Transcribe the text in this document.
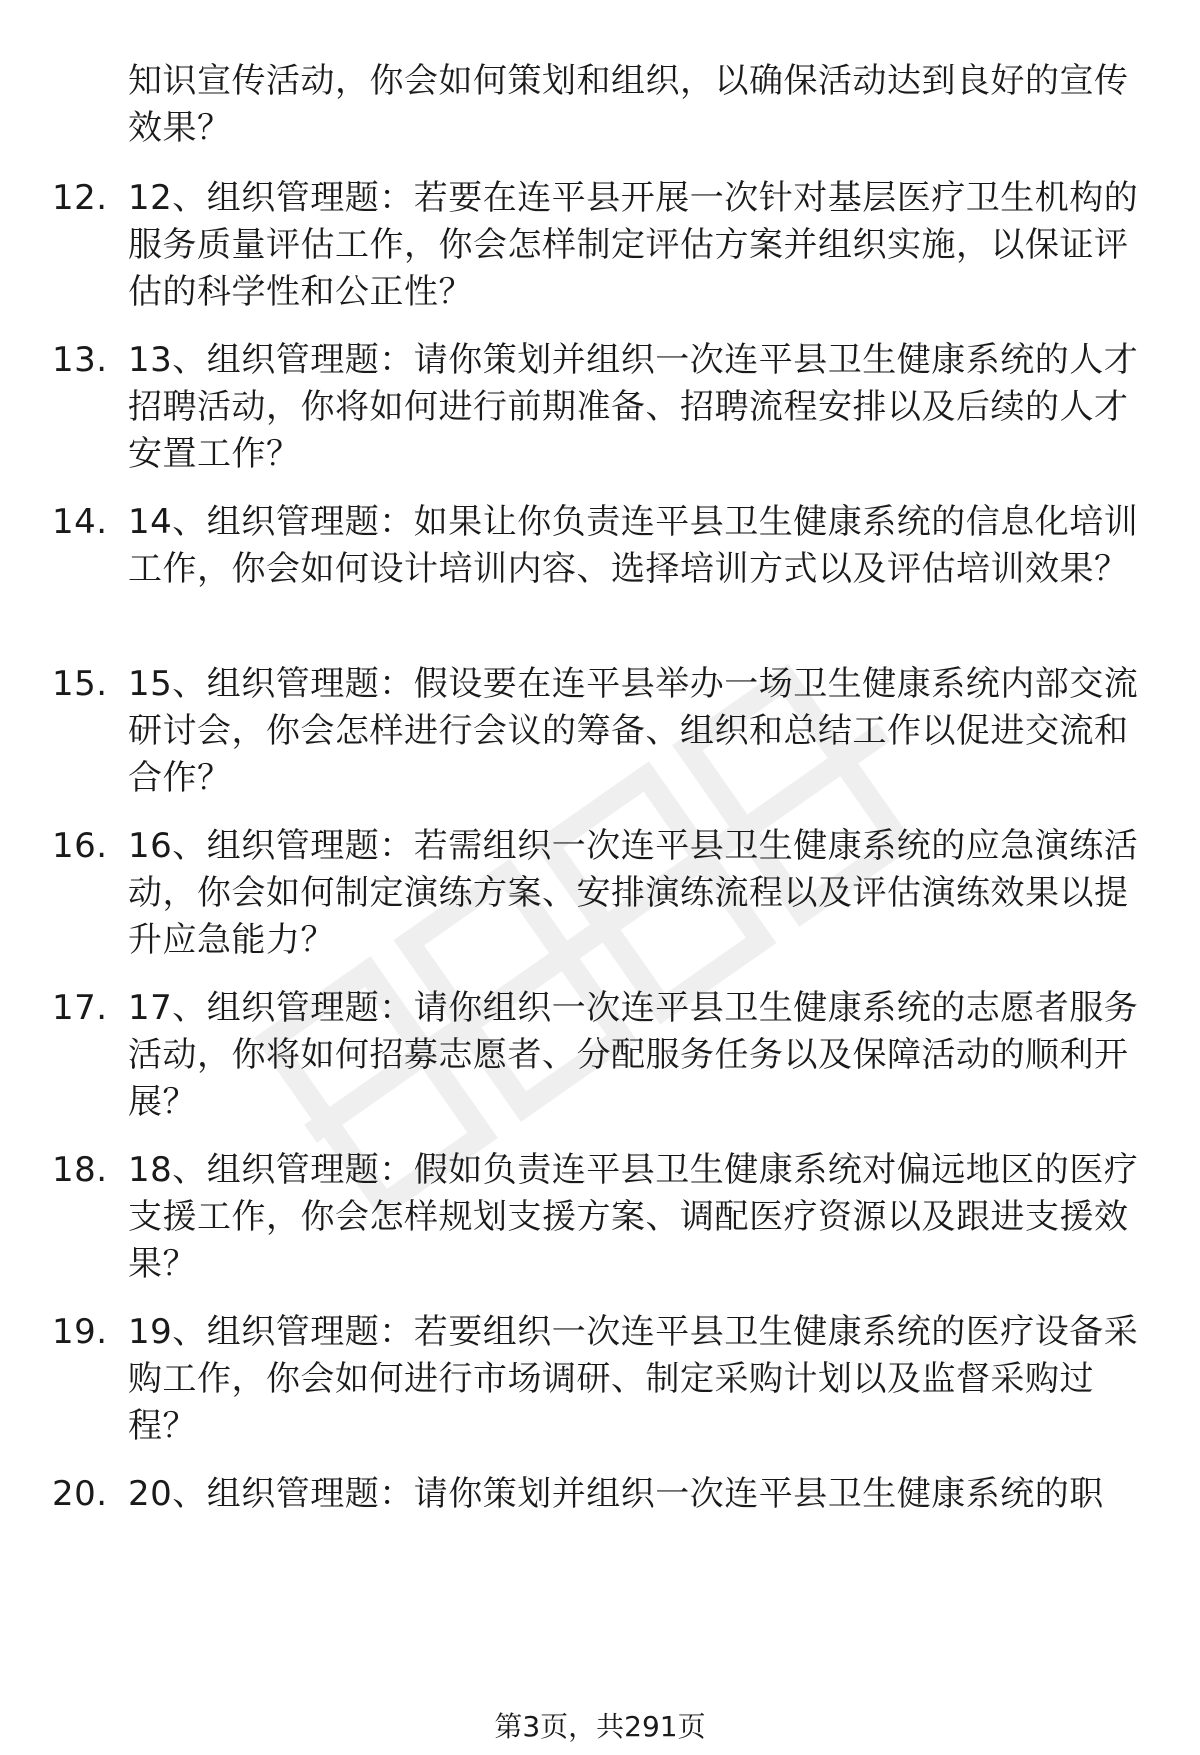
知识宣传活动，你会如何策划和组织，以确保活动达到良好的宣传效果？
12. 12、组织管理题：若要在连平县开展一次针对基层医疗卫生机构的服务质量评估工作，你会怎样制定评估方案并组织实施，以保证评估的科学性和公正性？
13. 13、组织管理题：请你策划并组织一次连平县卫生健康系统的人才招聘活动，你将如何进行前期准备、招聘流程安排以及后续的人才安置工作？
14. 14、组织管理题：如果让你负责连平县卫生健康系统的信息化培训工作，你会如何设计培训内容、选择培训方式以及评估培训效果？
15. 15、组织管理题：假设要在连平县举办一场卫生健康系统内部交流研讨会，你会怎样进行会议的筹备、组织和总结工作以促进交流和合作？
16. 16、组织管理题：若需组织一次连平县卫生健康系统的应急演练活动，你会如何制定演练方案、安排演练流程以及评估演练效果以提升应急能力？
17. 17、组织管理题：请你组织一次连平县卫生健康系统的志愿者服务活动，你将如何招募志愿者、分配服务任务以及保障活动的顺利开展？
18. 18、组织管理题：假如负责连平县卫生健康系统对偏远地区的医疗支援工作，你会怎样规划支援方案、调配医疗资源以及跟进支援效果？
19. 19、组织管理题：若要组织一次连平县卫生健康系统的医疗设备采购工作，你会如何进行市场调研、制定采购计划以及监督采购过程？
20. 20、组织管理题：请你策划并组织一次连平县卫生健康系统的职
第3页，共291页
